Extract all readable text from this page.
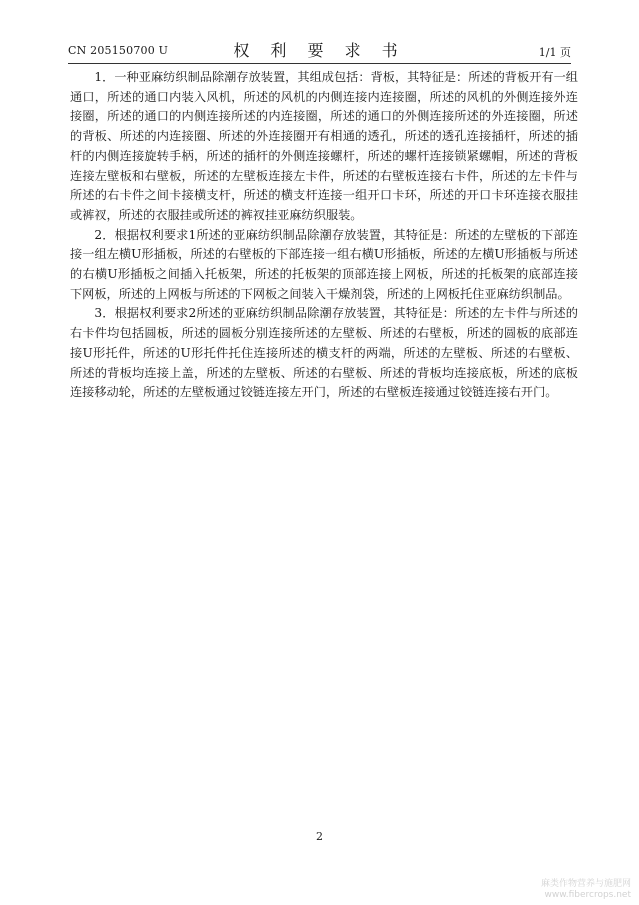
CN 205150700 U	权 利 要 求 书	1/1 页

1．一种亚麻纺织制品除潮存放装置，其组成包括：背板，其特征是：所述的背板开有一组通口，所述的通口内装入风机，所述的风机的内侧连接内连接圈，所述的风机的外侧连接外连接圈，所述的通口的内侧连接所述的内连接圈，所述的通口的外侧连接所述的外连接圈，所述的背板、所述的内连接圈、所述的外连接圈开有相通的透孔，所述的透孔连接插杆，所述的插杆的内侧连接旋转手柄，所述的插杆的外侧连接螺杆，所述的螺杆连接锁紧螺帽，所述的背板连接左壁板和右壁板，所述的左壁板连接左卡件，所述的右壁板连接右卡件，所述的左卡件与所述的右卡件之间卡接横支杆，所述的横支杆连接一组开口卡环，所述的开口卡环连接衣服挂或裤衩，所述的衣服挂或所述的裤衩挂亚麻纺织服装。

2．根据权利要求1所述的亚麻纺织制品除潮存放装置，其特征是：所述的左壁板的下部连接一组左横U形插板，所述的右壁板的下部连接一组右横U形插板，所述的左横U形插板与所述的右横U形插板之间插入托板架，所述的托板架的顶部连接上网板，所述的托板架的底部连接下网板，所述的上网板与所述的下网板之间装入干燥剂袋，所述的上网板托住亚麻纺织制品。

3．根据权利要求2所述的亚麻纺织制品除潮存放装置，其特征是：所述的左卡件与所述的右卡件均包括圆板，所述的圆板分别连接所述的左壁板、所述的右壁板，所述的圆板的底部连接U形托件，所述的U形托件托住连接所述的横支杆的两端，所述的左壁板、所述的右壁板、所述的背板均连接上盖，所述的左壁板、所述的右壁板、所述的背板均连接底板，所述的底板连接移动轮，所述的左壁板通过铰链连接左开门，所述的右壁板连接通过铰链连接右开门。

2
麻类作物营养与施肥网
www.fibercrops.net
